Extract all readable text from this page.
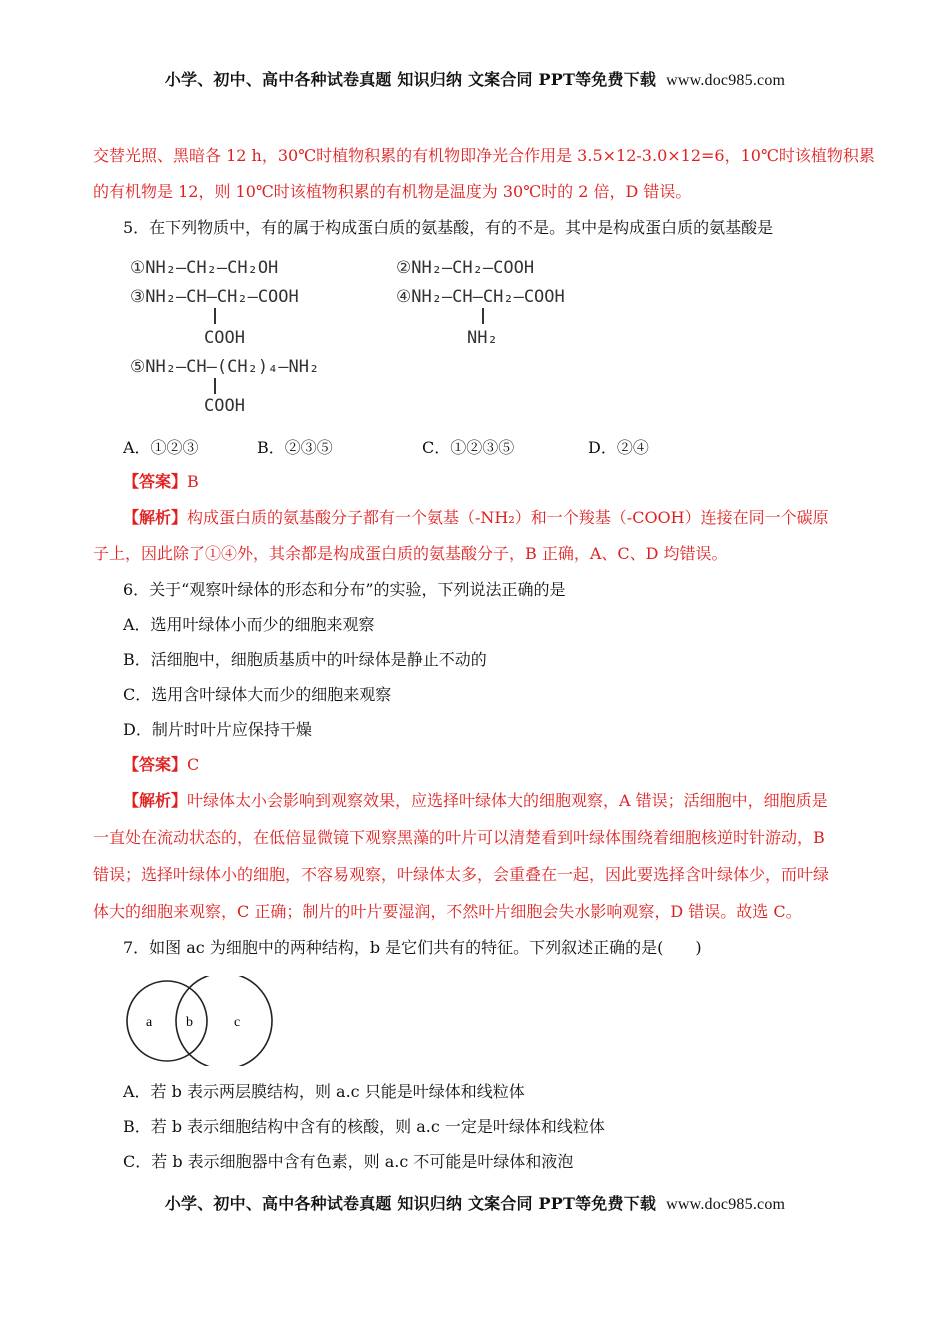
小学、初中、高中各种试卷真题 知识归纳 文案合同 PPT等免费下载 www.doc985.com
交替光照、黑暗各 12 h，30℃时植物积累的有机物即净光合作用是 3.5×12-3.0×12=6，10℃时该植物积累
的有机物是 12，则 10℃时该植物积累的有机物是温度为 30℃时的 2 倍，D 错误。
5．在下列物质中，有的属于构成蛋白质的氨基酸，有的不是。其中是构成蛋白质的氨基酸是
①NH₂—CH₂—CH₂OH	②NH₂—CH₂—COOH
③NH₂—CH—CH₂—COOH
COOH
④NH₂—CH—CH₂—COOH
NH₂
⑤NH₂—CH—(CH₂)₄—NH₂
COOH
A．①②③	B．②③⑤	C．①②③⑤	D．②④
【答案】B
【解析】构成蛋白质的氨基酸分子都有一个氨基（-NH₂）和一个羧基（-COOH）连接在同一个碳原
子上，因此除了①④外，其余都是构成蛋白质的氨基酸分子，B 正确，A、C、D 均错误。
6．关于“观察叶绿体的形态和分布”的实验，下列说法正确的是
A．选用叶绿体小而少的细胞来观察
B．活细胞中，细胞质基质中的叶绿体是静止不动的
C．选用含叶绿体大而少的细胞来观察
D．制片时叶片应保持干燥
【答案】C
【解析】叶绿体太小会影响到观察效果，应选择叶绿体大的细胞观察，A 错误；活细胞中，细胞质是
一直处在流动状态的，在低倍显微镜下观察黑藻的叶片可以清楚看到叶绿体围绕着细胞核逆时针游动，B
错误；选择叶绿体小的细胞，不容易观察，叶绿体太多，会重叠在一起，因此要选择含叶绿体少，而叶绿
体大的细胞来观察，C 正确；制片的叶片要湿润，不然叶片细胞会失水影响观察，D 错误。故选 C。
7．如图 ac 为细胞中的两种结构，b 是它们共有的特征。下列叙述正确的是(　　)
a b	c
A．若 b 表示两层膜结构，则 a.c 只能是叶绿体和线粒体
B．若 b 表示细胞结构中含有的核酸，则 a.c 一定是叶绿体和线粒体
C．若 b 表示细胞器中含有色素，则 a.c 不可能是叶绿体和液泡
小学、初中、高中各种试卷真题 知识归纳 文案合同 PPT等免费下载 www.doc985.com
